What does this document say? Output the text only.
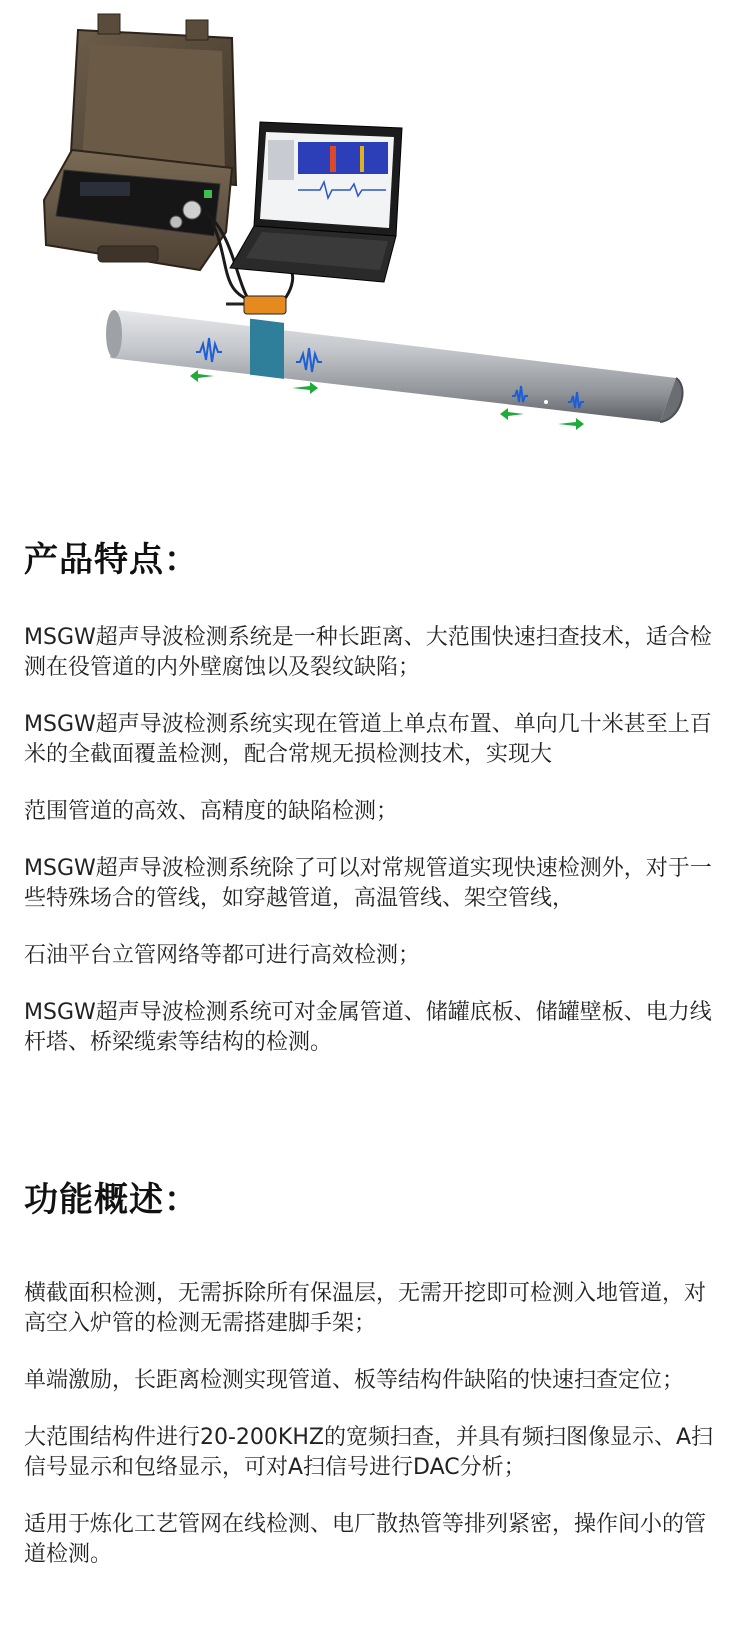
产品特点：

MSGW超声导波检测系统是一种长距离、大范围快速扫查技术，适合检测在役管道的内外壁腐蚀以及裂纹缺陷；

MSGW超声导波检测系统实现在管道上单点布置、单向几十米甚至上百米的全截面覆盖检测，配合常规无损检测技术，实现大

范围管道的高效、高精度的缺陷检测；

MSGW超声导波检测系统除了可以对常规管道实现快速检测外，对于一些特殊场合的管线，如穿越管道，高温管线、架空管线，

石油平台立管网络等都可进行高效检测；

MSGW超声导波检测系统可对金属管道、储罐底板、储罐壁板、电力线杆塔、桥梁缆索等结构的检测。

功能概述：

横截面积检测，无需拆除所有保温层，无需开挖即可检测入地管道，对高空入炉管的检测无需搭建脚手架；

单端激励，长距离检测实现管道、板等结构件缺陷的快速扫查定位；

大范围结构件进行20-200KHZ的宽频扫查，并具有频扫图像显示、A扫信号显示和包络显示，可对A扫信号进行DAC分析；

适用于炼化工艺管网在线检测、电厂散热管等排列紧密，操作间小的管道检测。
